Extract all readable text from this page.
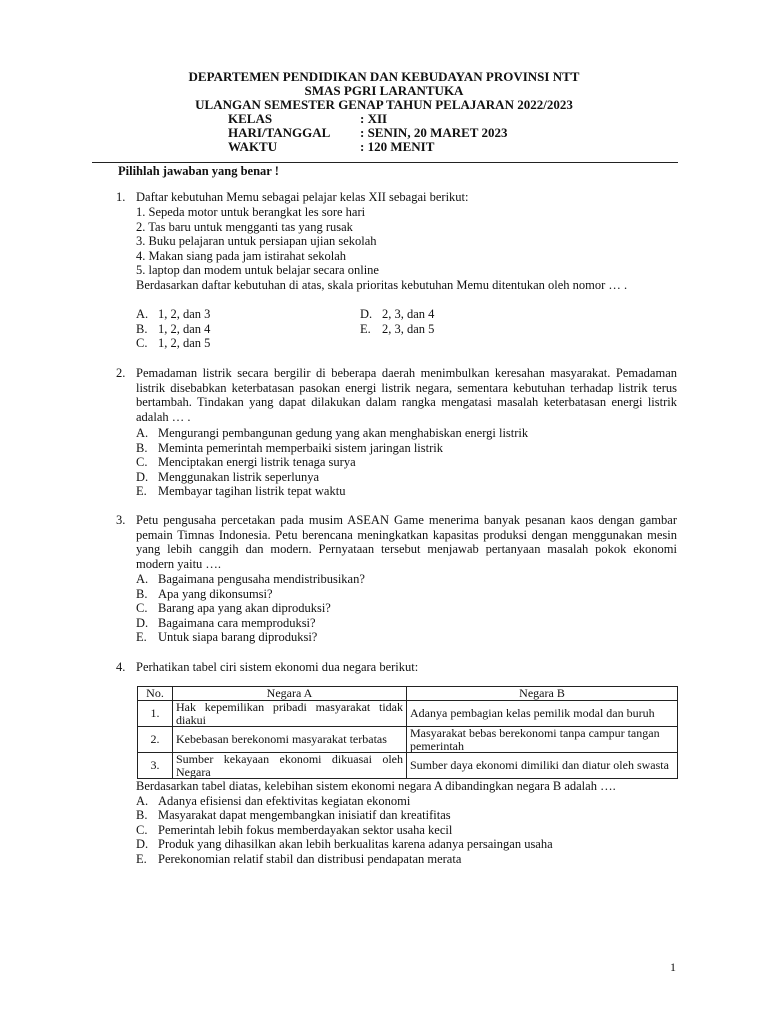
DEPARTEMEN PENDIDIKAN DAN KEBUDAYAN PROVINSI NTT
SMAS PGRI LARANTUKA
ULANGAN SEMESTER GENAP TAHUN PELAJARAN 2022/2023
KELAS	: XII
HARI/TANGGAL : SENIN, 20 MARET 2023
WAKTU	: 120 MENIT
Pilihlah jawaban yang benar !
1. Daftar kebutuhan Memu sebagai pelajar kelas XII sebagai berikut:
1. Sepeda motor untuk berangkat les sore hari
2. Tas baru untuk mengganti tas yang rusak
3. Buku pelajaran untuk persiapan ujian sekolah
4. Makan siang pada jam istirahat sekolah
5. laptop dan modem untuk belajar secara online
Berdasarkan daftar kebutuhan di atas, skala prioritas kebutuhan Memu ditentukan oleh nomor … .
A. 1, 2, dan 3
B. 1, 2, dan 4
C. 1, 2, dan 5
D. 2, 3, dan 4
E. 2, 3, dan 5
2. Pemadaman listrik secara bergilir di beberapa daerah menimbulkan keresahan masyarakat. Pemadaman listrik disebabkan keterbatasan pasokan energi listrik negara, sementara kebutuhan terhadap listrik terus bertambah. Tindakan yang dapat dilakukan dalam rangka mengatasi masalah keterbatasan energi listrik adalah … .
A. Mengurangi pembangunan gedung yang akan menghabiskan energi listrik
B. Meminta pemerintah memperbaiki sistem jaringan listrik
C. Menciptakan energi listrik tenaga surya
D. Menggunakan listrik seperlunya
E. Membayar tagihan listrik tepat waktu
3. Petu pengusaha percetakan pada musim ASEAN Game menerima banyak pesanan kaos dengan gambar pemain Timnas Indonesia. Petu berencana meningkatkan kapasitas produksi dengan menggunakan mesin yang lebih canggih dan modern. Pernyataan tersebut menjawab pertanyaan masalah pokok ekonomi modern yaitu ….
A. Bagaimana pengusaha mendistribusikan?
B. Apa yang dikonsumsi?
C. Barang apa yang akan diproduksi?
D. Bagaimana cara memproduksi?
E. Untuk siapa barang diproduksi?
4. Perhatikan tabel ciri sistem ekonomi dua negara berikut:
No.	Negara A	Negara B
1.	Hak kepemilikan pribadi masyarakat tidak diakui	Adanya pembagian kelas pemilik modal dan buruh
2.	Kebebasan berekonomi masyarakat terbatas	Masyarakat bebas berekonomi tanpa campur tangan pemerintah
3.	Sumber kekayaan ekonomi dikuasai oleh Negara	Sumber daya ekonomi dimiliki dan diatur oleh swasta
Berdasarkan tabel diatas, kelebihan sistem ekonomi negara A dibandingkan negara B adalah ….
A. Adanya efisiensi dan efektivitas kegiatan ekonomi
B. Masyarakat dapat mengembangkan inisiatif dan kreatifitas
C. Pemerintah lebih fokus memberdayakan sektor usaha kecil
D. Produk yang dihasilkan akan lebih berkualitas karena adanya persaingan usaha
E. Perekonomian relatif stabil dan distribusi pendapatan merata
1
